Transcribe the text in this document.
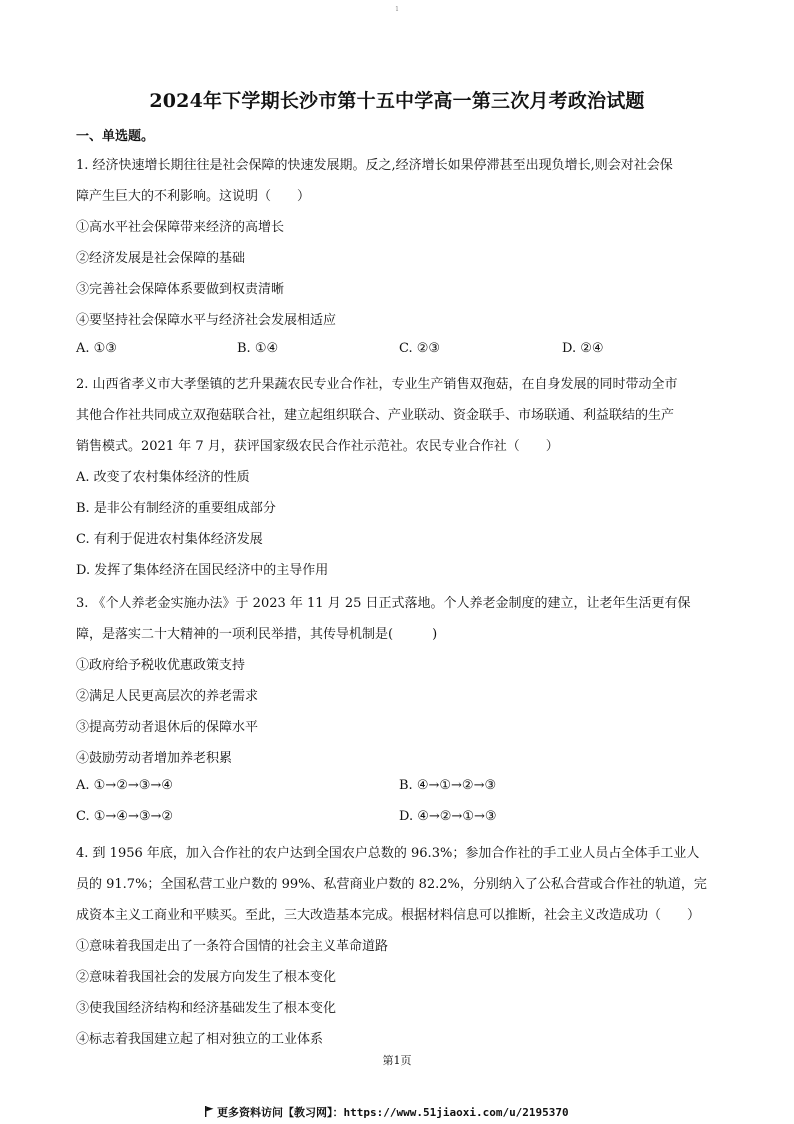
1
2024年下学期长沙市第十五中学高一第三次月考政治试题
一、单选题。
1. 经济快速增长期往往是社会保障的快速发展期。反之,经济增长如果停滞甚至出现负增长,则会对社会保
障产生巨大的不利影响。这说明（　　）
①高水平社会保障带来经济的高增长
②经济发展是社会保障的基础
③完善社会保障体系要做到权责清晰
④要坚持社会保障水平与经济社会发展相适应
A. ①③	B. ①④	C. ②③	D. ②④
2. 山西省孝义市大孝堡镇的艺升果蔬农民专业合作社，专业生产销售双孢菇，在自身发展的同时带动全市
其他合作社共同成立双孢菇联合社，建立起组织联合、产业联动、资金联手、市场联通、利益联结的生产
销售模式。2021 年 7 月，获评国家级农民合作社示范社。农民专业合作社（　　）
A. 改变了农村集体经济的性质
B. 是非公有制经济的重要组成部分
C. 有利于促进农村集体经济发展
D. 发挥了集体经济在国民经济中的主导作用
3. 《个人养老金实施办法》于 2023 年 11 月 25 日正式落地。个人养老金制度的建立，让老年生活更有保
障，是落实二十大精神的一项利民举措，其传导机制是(　　　)
①政府给予税收优惠政策支持
②满足人民更高层次的养老需求
③提高劳动者退休后的保障水平
④鼓励劳动者增加养老积累
A. ①→②→③→④	B. ④→①→②→③
C. ①→④→③→②	D. ④→②→①→③
4. 到 1956 年底，加入合作社的农户达到全国农户总数的 96.3%；参加合作社的手工业人员占全体手工业人
员的 91.7%；全国私营工业户数的 99%、私营商业户数的 82.2%，分别纳入了公私合营或合作社的轨道，完
成资本主义工商业和平赎买。至此，三大改造基本完成。根据材料信息可以推断，社会主义改造成功（　　）
①意味着我国走出了一条符合国情的社会主义革命道路
②意味着我国社会的发展方向发生了根本变化
③使我国经济结构和经济基础发生了根本变化
④标志着我国建立起了相对独立的工业体系
第1页
更多资料访问【教习网】：https://www.51jiaoxi.com/u/2195370
